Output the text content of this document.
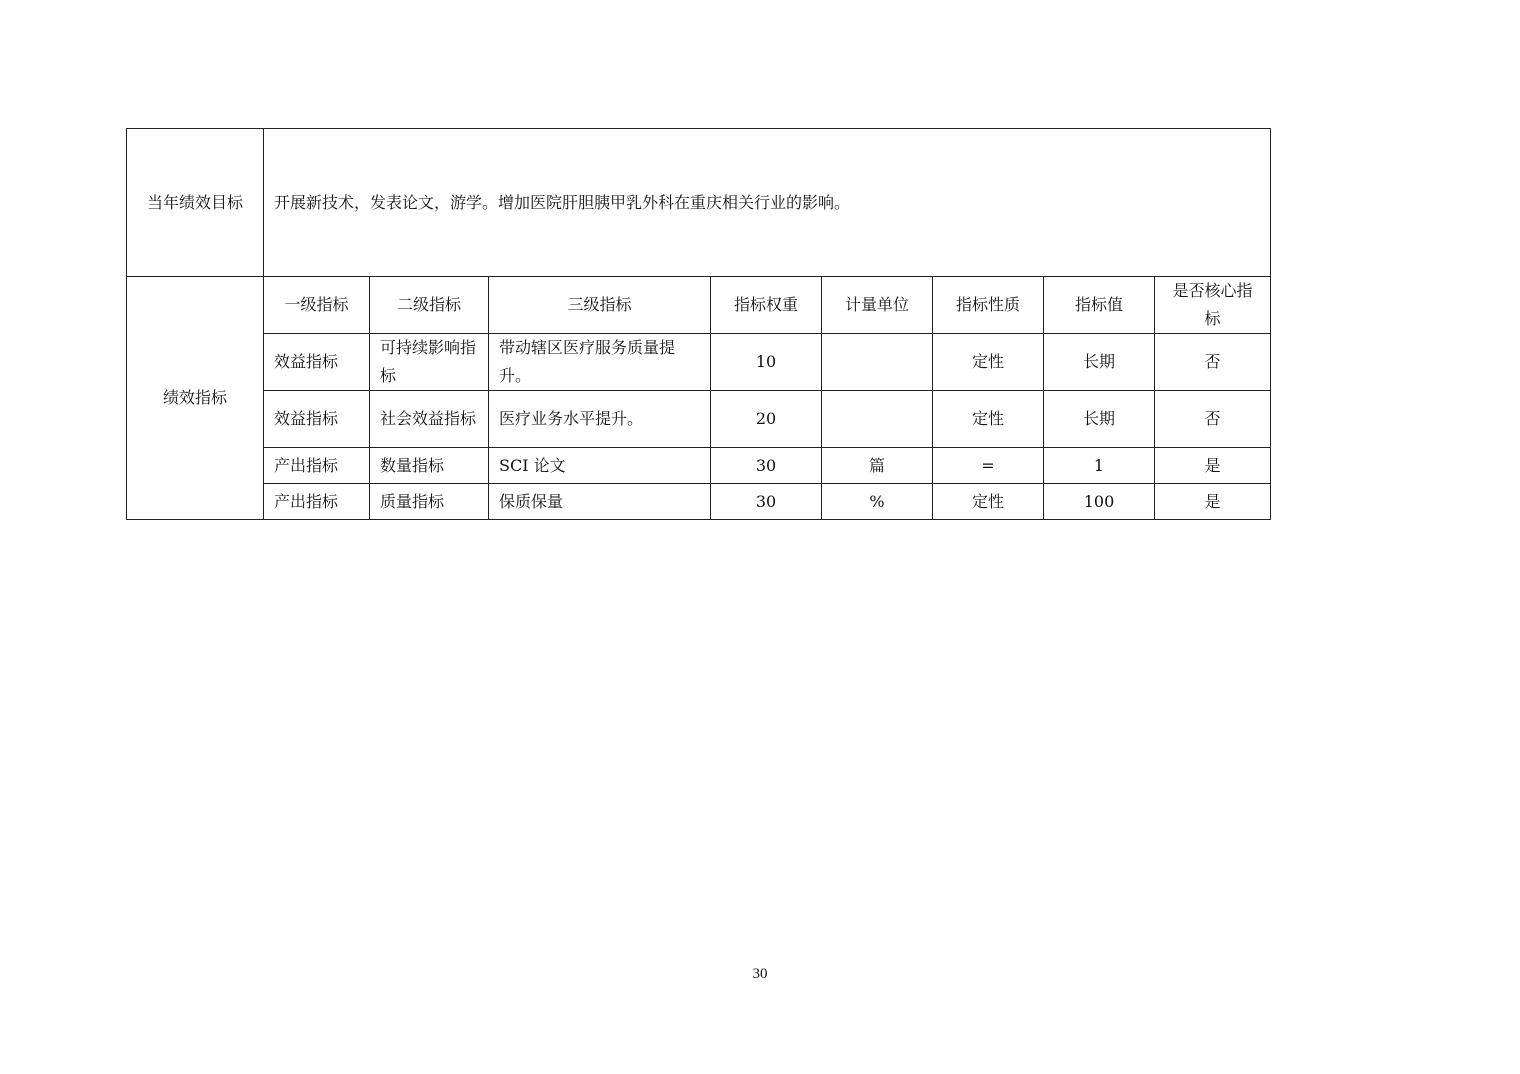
当年绩效目标	开展新技术，发表论文，游学。增加医院肝胆胰甲乳外科在重庆相关行业的影响。							
绩效指标	一级指标	二级指标	三级指标	指标权重	计量单位	指标性质	指标值	是否核心指标
	效益指标	可持续影响指标	带动辖区医疗服务质量提升。	10		定性	长期	否
	效益指标	社会效益指标	医疗业务水平提升。	20		定性	长期	否
	产出指标	数量指标	SCI 论文	30	篇	=	1	是
	产出指标	质量指标	保质保量	30	%	定性	100	是
30
